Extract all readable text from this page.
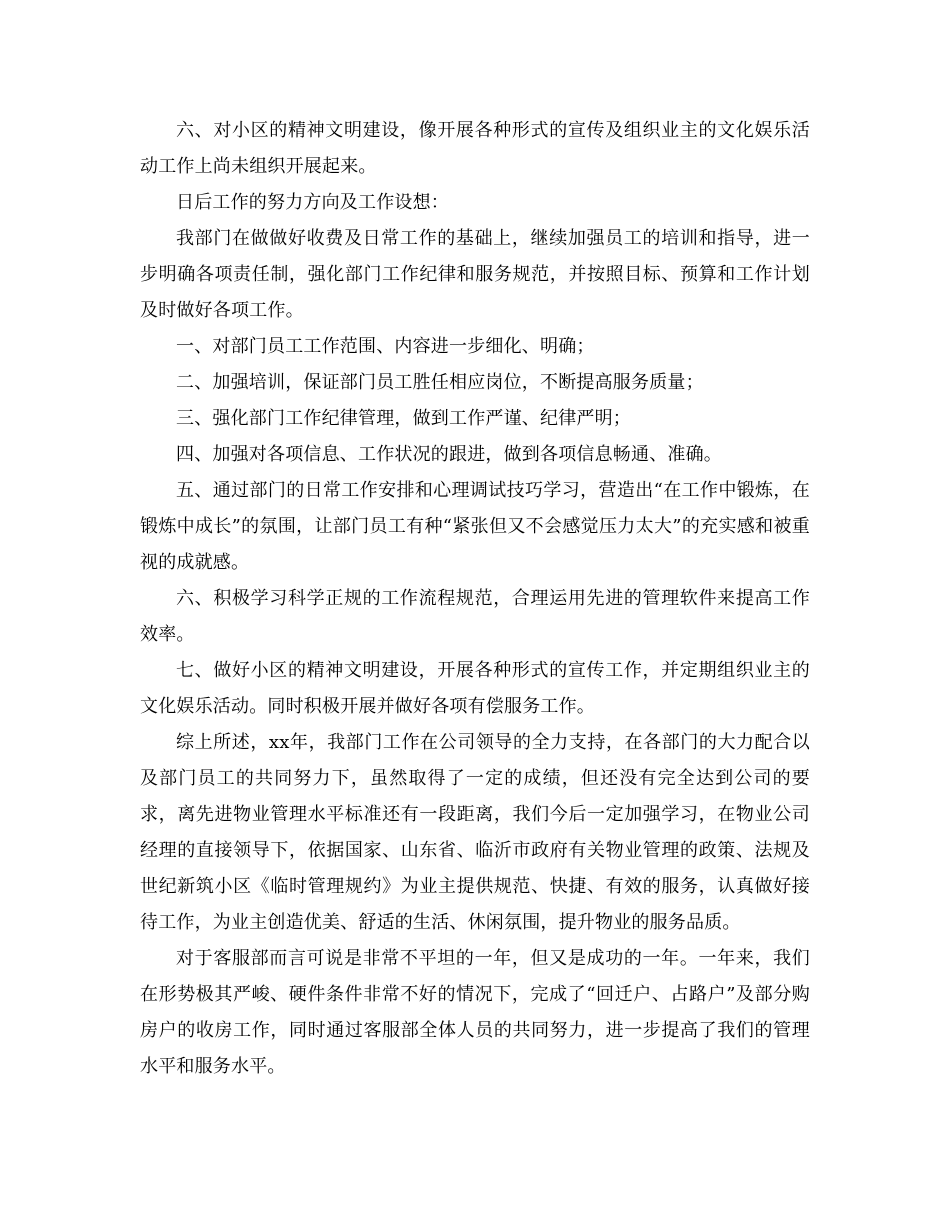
六、对小区的精神文明建设，像开展各种形式的宣传及组织业主的文化娱乐活动工作上尚未组织开展起来。

日后工作的努力方向及工作设想：

我部门在做做好收费及日常工作的基础上，继续加强员工的培训和指导，进一步明确各项责任制，强化部门工作纪律和服务规范，并按照目标、预算和工作计划及时做好各项工作。

一、对部门员工工作范围、内容进一步细化、明确；

二、加强培训，保证部门员工胜任相应岗位，不断提高服务质量；

三、强化部门工作纪律管理，做到工作严谨、纪律严明；

四、加强对各项信息、工作状况的跟进，做到各项信息畅通、准确。

五、通过部门的日常工作安排和心理调试技巧学习，营造出“在工作中锻炼，在锻炼中成长”的氛围，让部门员工有种“紧张但又不会感觉压力太大”的充实感和被重视的成就感。

六、积极学习科学正规的工作流程规范，合理运用先进的管理软件来提高工作效率。

七、做好小区的精神文明建设，开展各种形式的宣传工作，并定期组织业主的文化娱乐活动。同时积极开展并做好各项有偿服务工作。

综上所述，xx年，我部门工作在公司领导的全力支持，在各部门的大力配合以及部门员工的共同努力下，虽然取得了一定的成绩，但还没有完全达到公司的要求，离先进物业管理水平标准还有一段距离，我们今后一定加强学习，在物业公司经理的直接领导下，依据国家、山东省、临沂市政府有关物业管理的政策、法规及世纪新筑小区《临时管理规约》为业主提供规范、快捷、有效的服务，认真做好接待工作，为业主创造优美、舒适的生活、休闲氛围，提升物业的服务品质。

对于客服部而言可说是非常不平坦的一年，但又是成功的一年。一年来，我们在形势极其严峻、硬件条件非常不好的情况下，完成了“回迁户、占路户”及部分购房户的收房工作，同时通过客服部全体人员的共同努力，进一步提高了我们的管理水平和服务水平。
